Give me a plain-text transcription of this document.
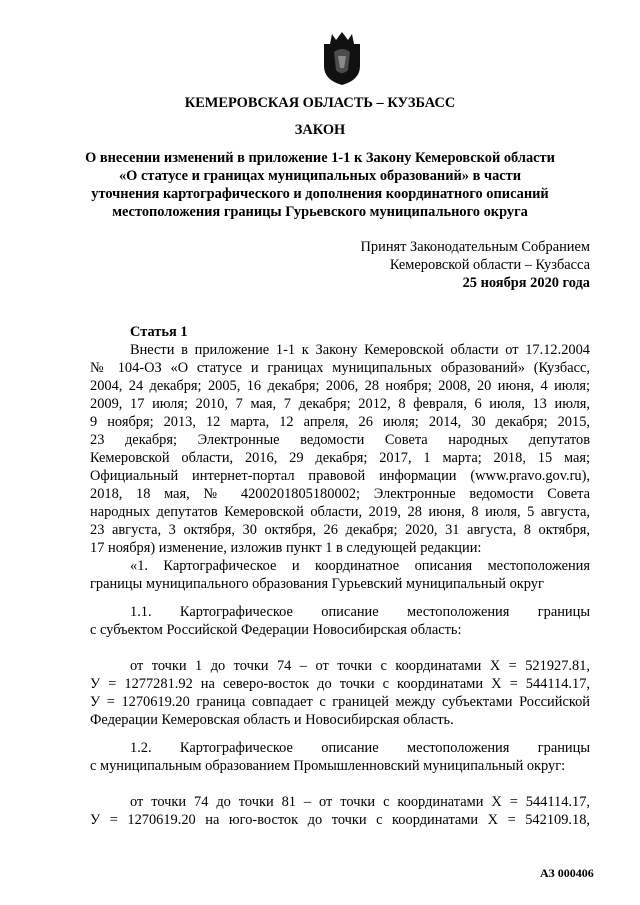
КЕМЕРОВСКАЯ ОБЛАСТЬ – КУЗБАСС
ЗАКОН
О внесении изменений в приложение 1-1 к Закону Кемеровской области
«О статусе и границах муниципальных образований» в части
уточнения картографического и дополнения координатного описаний
местоположения границы Гурьевского муниципального округа
Принят Законодательным Собранием
Кемеровской области – Кузбасса
25 ноября 2020 года
Статья 1
Внести в приложение 1-1 к Закону Кемеровской области от 17.12.2004
№ 104-ОЗ «О статусе и границах муниципальных образований» (Кузбасс,
2004, 24 декабря; 2005, 16 декабря; 2006, 28 ноября; 2008, 20 июня, 4 июля;
2009, 17 июля; 2010, 7 мая, 7 декабря; 2012, 8 февраля, 6 июля, 13 июля,
9 ноября; 2013, 12 марта, 12 апреля, 26 июля; 2014, 30 декабря; 2015,
23 декабря; Электронные ведомости Совета народных депутатов
Кемеровской области, 2016, 29 декабря; 2017, 1 марта; 2018, 15 мая;
Официальный интернет-портал правовой информации (www.pravo.gov.ru),
2018, 18 мая, № 4200201805180002; Электронные ведомости Совета
народных депутатов Кемеровской области, 2019, 28 июня, 8 июля, 5 августа,
23 августа, 3 октября, 30 октября, 26 декабря; 2020, 31 августа, 8 октября,
17 ноября) изменение, изложив пункт 1 в следующей редакции:
«1. Картографическое и координатное описания местоположения
границы муниципального образования Гурьевский муниципальный округ
1.1. Картографическое описание местоположения границы
с субъектом Российской Федерации Новосибирская область:
от точки 1 до точки 74 – от точки с координатами X = 521927.81,
У = 1277281.92 на северо-восток до точки с координатами X = 544114.17,
У = 1270619.20 граница совпадает с границей между субъектами Российской
Федерации Кемеровская область и Новосибирская область.
1.2. Картографическое описание местоположения границы
с муниципальным образованием Промышленновский муниципальный округ:
от точки 74 до точки 81 – от точки с координатами X = 544114.17,
У = 1270619.20 на юго-восток до точки с координатами X = 542109.18,
АЗ 000406
